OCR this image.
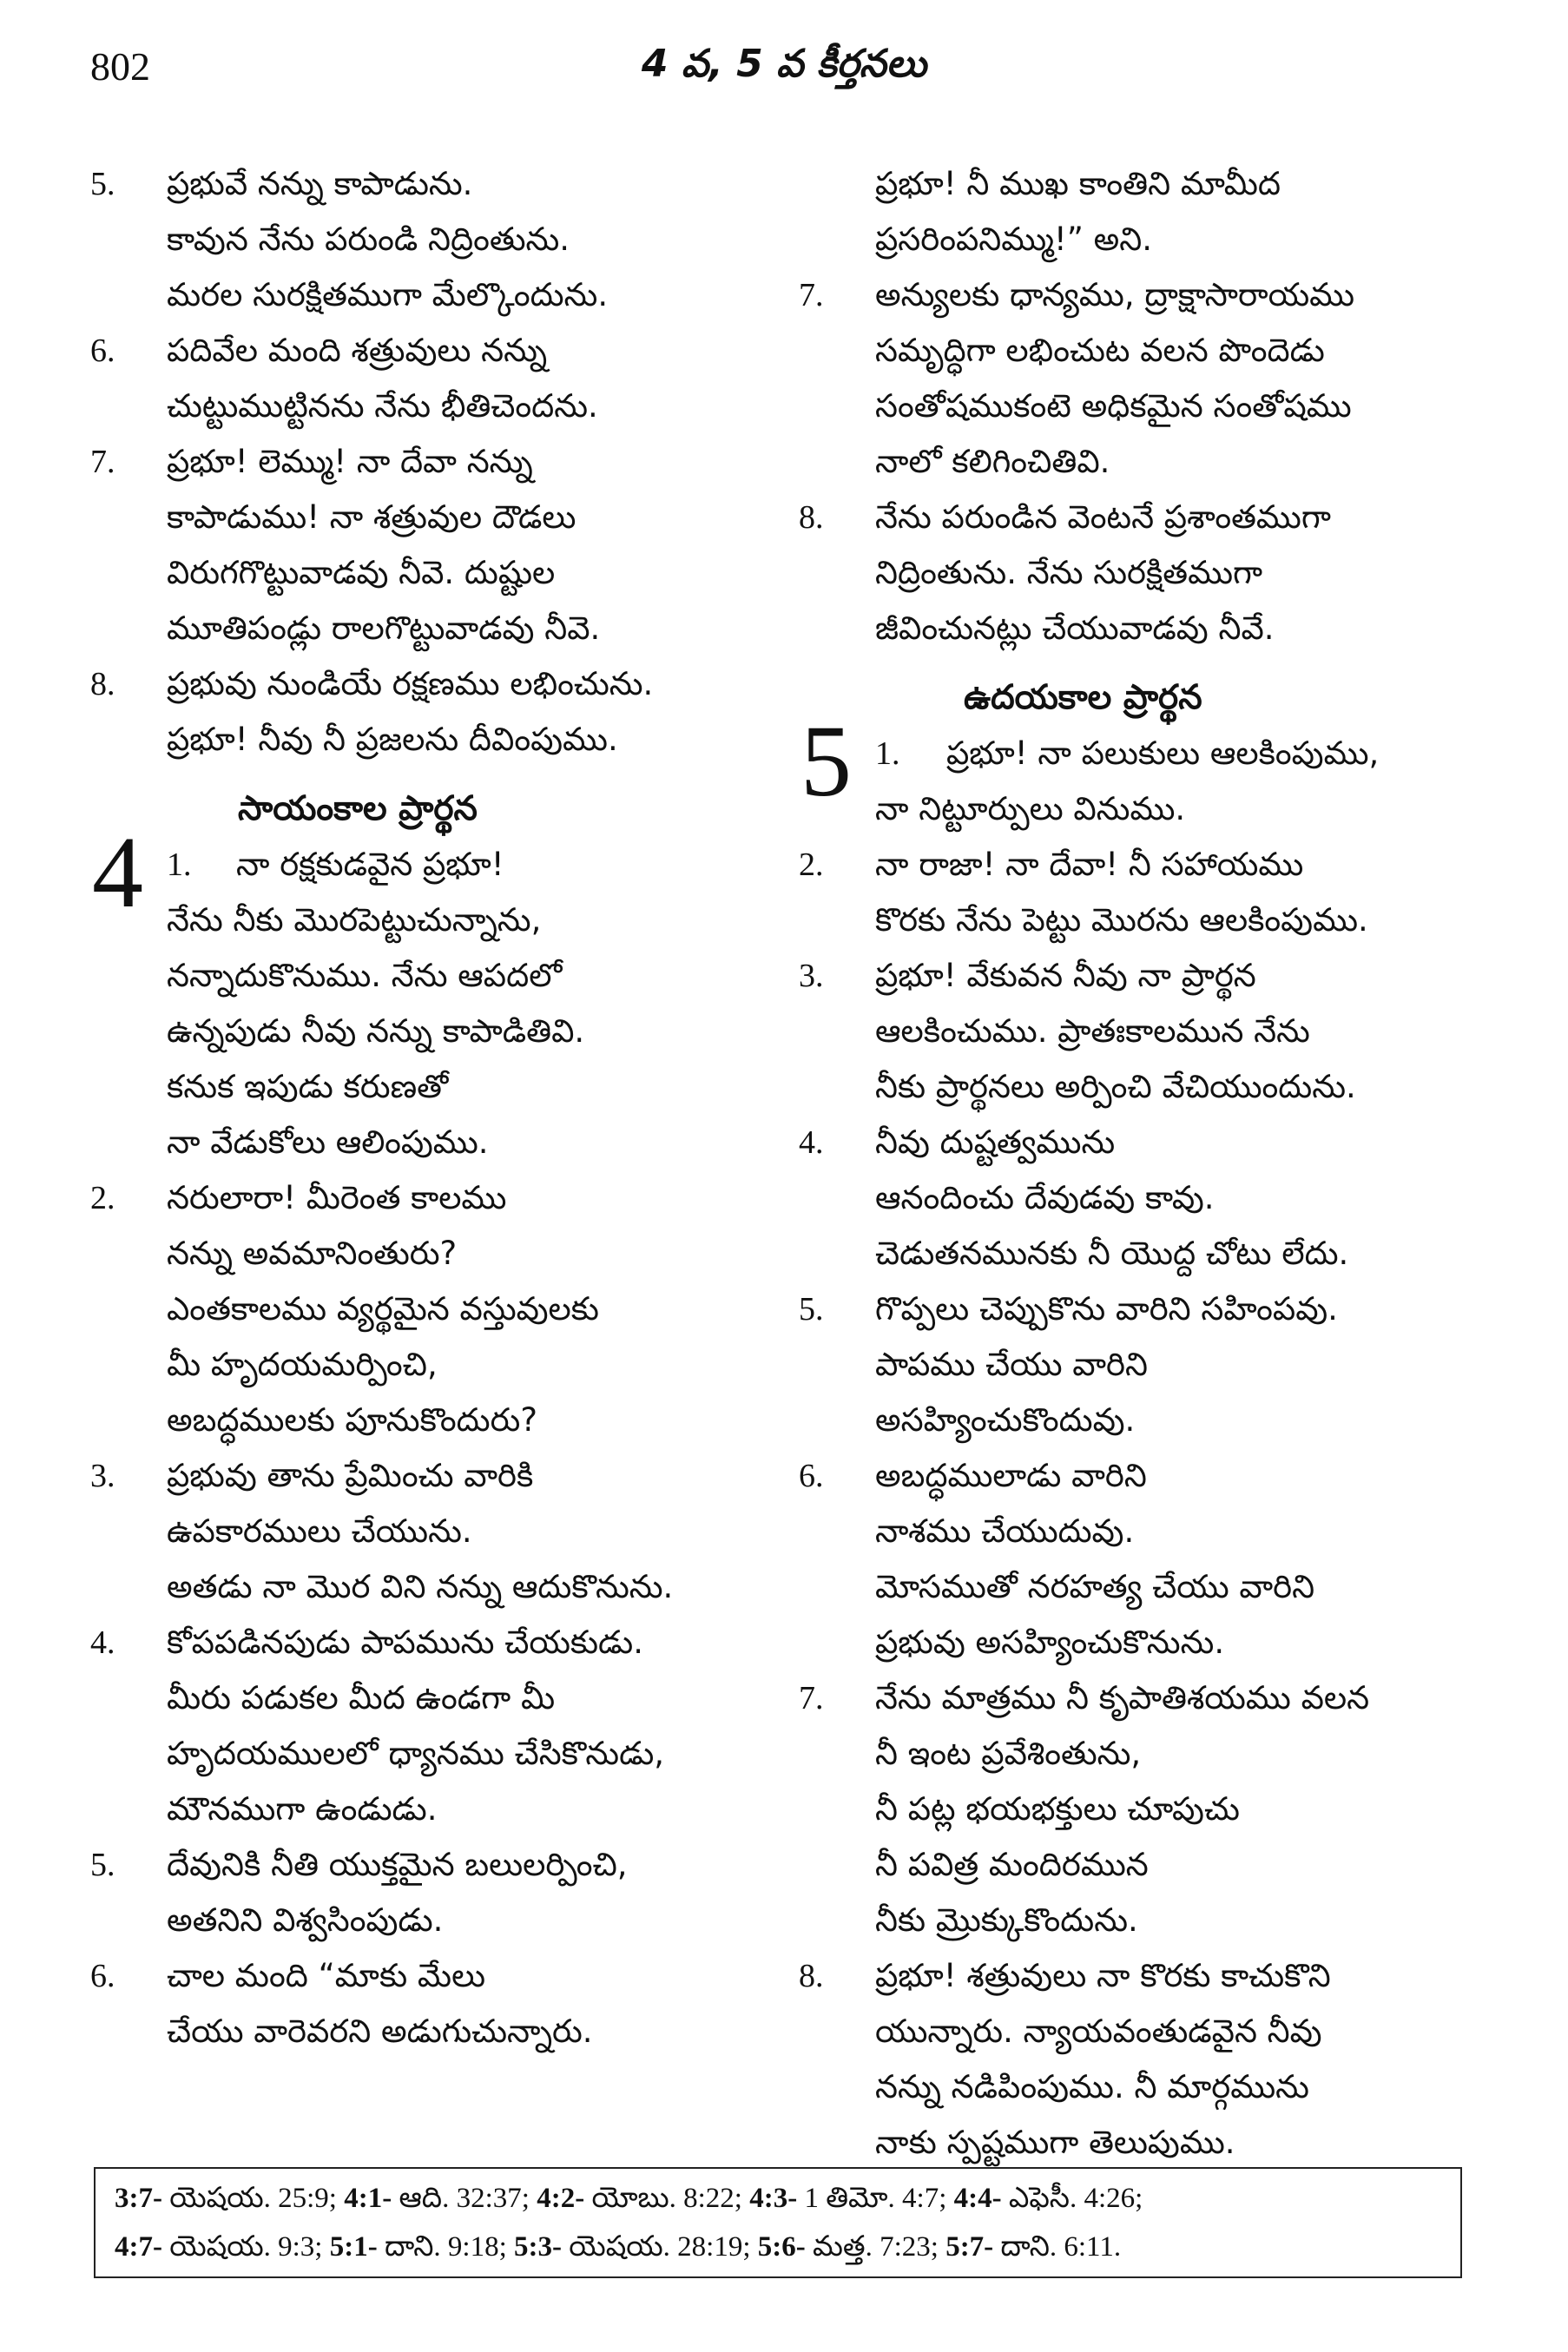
802	4 వ, 5 వ కీర్తనలు
5.	ప్రభువే నన్ను కాపాడును.
కావున నేను పరుండి నిద్రింతును.
మరల సురక్షితముగా మేల్కొందును.
6.	పదివేల మంది శత్రువులు నన్ను
చుట్టుముట్టినను నేను భీతిచెందను.
7.	ప్రభూ! లెమ్ము! నా దేవా నన్ను
కాపాడుము! నా శత్రువుల దౌడలు
విరుగగొట్టువాడవు నీవె. దుష్టుల
మూతిపండ్లు రాలగొట్టువాడవు నీవె.
8.	ప్రభువు నుండియే రక్షణము లభించును.
ప్రభూ! నీవు నీ ప్రజలను దీవింపుము.
సాయంకాల ప్రార్థన
4 1. నా రక్షకుడవైన ప్రభూ!
నేను నీకు మొరపెట్టుచున్నాను,
నన్నాదుకొనుము. నేను ఆపదలో
ఉన్నపుడు నీవు నన్ను కాపాడితివి.
కనుక ఇపుడు కరుణతో
నా వేడుకోలు ఆలింపుము.
2.	నరులారా! మీరెంత కాలము
నన్ను అవమానింతురు?
ఎంతకాలము వ్యర్థమైన వస్తువులకు
మీ హృదయమర్పించి,
అబద్ధములకు పూనుకొందురు?
3.	ప్రభువు తాను ప్రేమించు వారికి
ఉపకారములు చేయును.
అతడు నా మొర విని నన్ను ఆదుకొనును.
4.	కోపపడినపుడు పాపమును చేయకుడు.
మీరు పడుకల మీద ఉండగా మీ
హృదయములలో ధ్యానము చేసికొనుడు,
మౌనముగా ఉండుడు.
5.	దేవునికి నీతి యుక్తమైన బలులర్పించి,
అతనిని విశ్వసింపుడు.
6.	చాల మంది “మాకు మేలు
చేయు వారెవరని అడుగుచున్నారు.
ప్రభూ! నీ ముఖ కాంతిని మామీద
ప్రసరింపనిమ్ము!” అని.
7.	అన్యులకు ధాన్యము, ద్రాక్షాసారాయము
సమృద్ధిగా లభించుట వలన పొందెడు
సంతోషముకంటె అధికమైన సంతోషము
నాలో కలిగించితివి.
8.	నేను పరుండిన వెంటనే ప్రశాంతముగా
నిద్రింతును. నేను సురక్షితముగా
జీవించునట్లు చేయువాడవు నీవే.
ఉదయకాల ప్రార్థన
5 1. ప్రభూ! నా పలుకులు ఆలకింపుము,
నా నిట్టూర్పులు వినుము.
2.	నా రాజా! నా దేవా! నీ సహాయము
కొరకు నేను పెట్టు మొరను ఆలకింపుము.
3.	ప్రభూ! వేకువన నీవు నా ప్రార్థన
ఆలకించుము. ప్రాతఃకాలమున నేను
నీకు ప్రార్థనలు అర్పించి వేచియుందును.
4.	నీవు దుష్టత్వమును
ఆనందించు దేవుడవు కావు.
చెడుతనమునకు నీ యొద్ద చోటు లేదు.
5.	గొప్పలు చెప్పుకొను వారిని సహింపవు.
పాపము చేయు వారిని
అసహ్యించుకొందువు.
6.	అబద్ధములాడు వారిని
నాశము చేయుదువు.
మోసముతో నరహత్య చేయు వారిని
ప్రభువు అసహ్యించుకొనును.
7.	నేను మాత్రము నీ కృపాతిశయము వలన
నీ ఇంట ప్రవేశింతును,
నీ పట్ల భయభక్తులు చూపుచు
నీ పవిత్ర మందిరమున
నీకు మ్రొక్కుకొందును.
8.	ప్రభూ! శత్రువులు నా కొరకు కాచుకొని
యున్నారు. న్యాయవంతుడవైన నీవు
నన్ను నడిపింపుము. నీ మార్గమును
నాకు స్పష్టముగా తెలుపుము.
3:7- యెషయ. 25:9; 4:1- ఆది. 32:37; 4:2- యోబు. 8:22; 4:3- 1 తిమో. 4:7; 4:4- ఎఫెసీ. 4:26;
4:7- యెషయ. 9:3; 5:1- దాని. 9:18; 5:3- యెషయ. 28:19; 5:6- మత్త. 7:23; 5:7- దాని. 6:11.
